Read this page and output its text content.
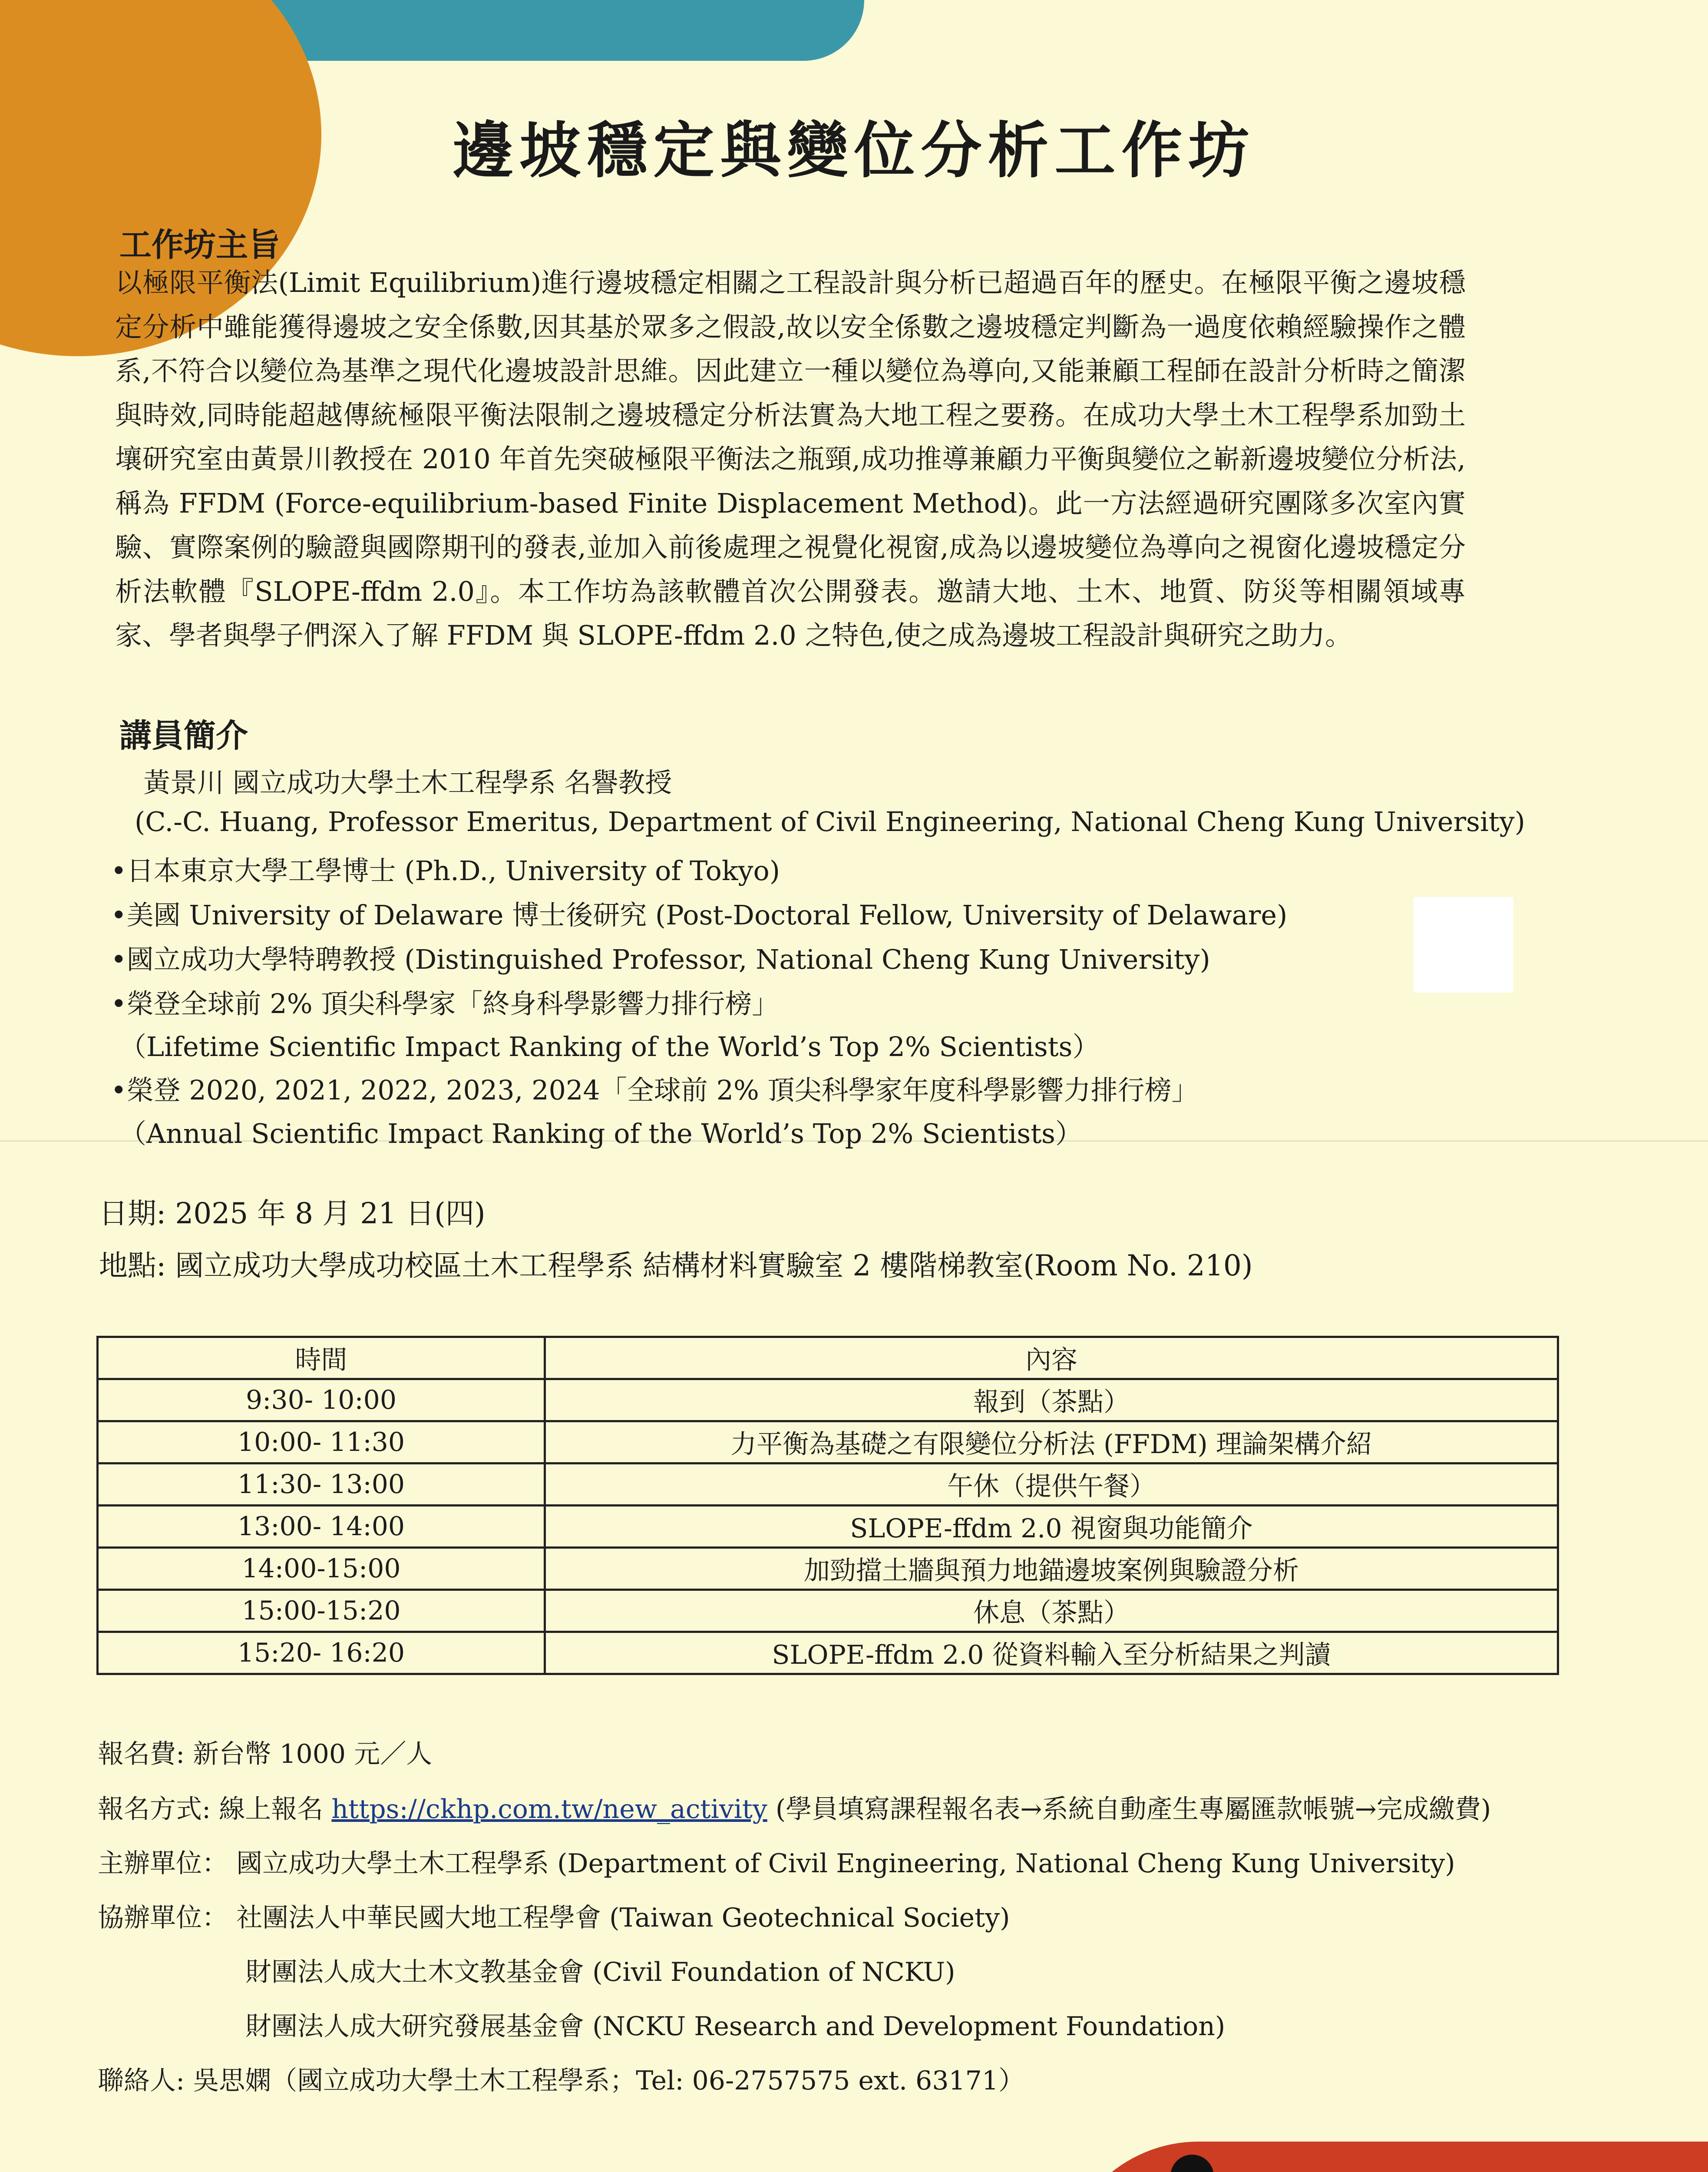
邊坡穩定與變位分析工作坊
工作坊主旨

以極限平衡法(Limit Equilibrium)進行邊坡穩定相關之工程設計與分析已超過百年的歷史。在極限平衡之邊坡穩定分析中雖能獲得邊坡之安全係數,因其基於眾多之假設,故以安全係數之邊坡穩定判斷為一過度依賴經驗操作之體系,不符合以變位為基準之現代化邊坡設計思維。因此建立一種以變位為導向,又能兼顧工程師在設計分析時之簡潔與時效,同時能超越傳統極限平衡法限制之邊坡穩定分析法實為大地工程之要務。在成功大學土木工程學系加勁土壤研究室由黃景川教授在 2010 年首先突破極限平衡法之瓶頸,成功推導兼顧力平衡與變位之嶄新邊坡變位分析法,稱為 FFDM (Force-equilibrium-based Finite Displacement Method)。此一方法經過研究團隊多次室內實驗、實際案例的驗證與國際期刊的發表,並加入前後處理之視覺化視窗,成為以邊坡變位為導向之視窗化邊坡穩定分析法軟體『SLOPE-ffdm 2.0』。本工作坊為該軟體首次公開發表。邀請大地、土木、地質、防災等相關領域專家、學者與學子們深入了解 FFDM 與 SLOPE-ffdm 2.0 之特色,使之成為邊坡工程設計與研究之助力。

講員簡介
黃景川 國立成功大學土木工程學系 名譽教授
(C.-C. Huang, Professor Emeritus, Department of Civil Engineering, National Cheng Kung University)
•日本東京大學工學博士 (Ph.D., University of Tokyo)
•美國 University of Delaware 博士後研究 (Post-Doctoral Fellow, University of Delaware)
•國立成功大學特聘教授 (Distinguished Professor, National Cheng Kung University)
•榮登全球前 2% 頂尖科學家「終身科學影響力排行榜」
（Lifetime Scientific Impact Ranking of the World’s Top 2% Scientists）
•榮登 2020, 2021, 2022, 2023, 2024「全球前 2% 頂尖科學家年度科學影響力排行榜」
（Annual Scientific Impact Ranking of the World’s Top 2% Scientists）
日期: 2025 年 8 月 21 日(四)
地點: 國立成功大學成功校區土木工程學系 結構材料實驗室 2 樓階梯教室(Room No. 210)
時間	內容
9:30- 10:00	報到（茶點）
10:00- 11:30	力平衡為基礎之有限變位分析法 (FFDM) 理論架構介紹
11:30- 13:00	午休（提供午餐）
13:00- 14:00	SLOPE-ffdm 2.0 視窗與功能簡介
14:00-15:00	加勁擋土牆與預力地錨邊坡案例與驗證分析
15:00-15:20	休息（茶點）
15:20- 16:20	SLOPE-ffdm 2.0 從資料輸入至分析結果之判讀
報名費: 新台幣 1000 元／人
報名方式: 線上報名 https://ckhp.com.tw/new_activity (學員填寫課程報名表→系統自動產生專屬匯款帳號→完成繳費)
主辦單位： 國立成功大學土木工程學系 (Department of Civil Engineering, National Cheng Kung University)
協辦單位： 社團法人中華民國大地工程學會 (Taiwan Geotechnical Society)
財團法人成大土木文教基金會 (Civil Foundation of NCKU)
財團法人成大研究發展基金會 (NCKU Research and Development Foundation)
聯絡人: 吳思嫻（國立成功大學土木工程學系；Tel: 06-2757575 ext. 63171）
